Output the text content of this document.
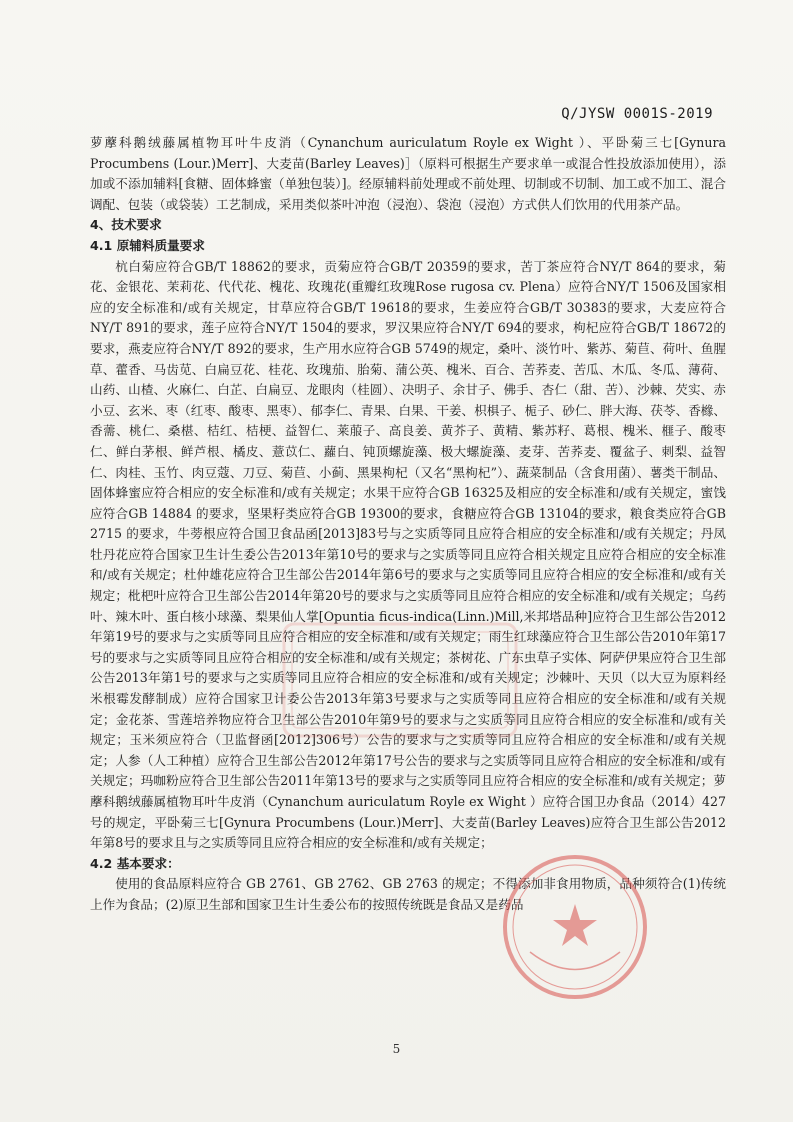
Q/JYSW 0001S-2019

萝藦科鹅绒藤属植物耳叶牛皮消（Cynanchum auriculatum Royle ex Wight ）、平卧菊三七[Gynura Procumbens (Lour.)Merr]、大麦苗(Barley Leaves)］（原料可根据生产要求单一或混合性投放添加使用），添加或不添加辅料[食糖、固体蜂蜜（单独包装）]。经原辅料前处理或不前处理、切制或不切制、加工或不加工、混合调配、包装（或袋装）工艺制成，采用类似茶叶冲泡（浸泡）、袋泡（浸泡）方式供人们饮用的代用茶产品。

4、技术要求

4.1 原辅料质量要求

杭白菊应符合GB/T 18862的要求，贡菊应符合GB/T 20359的要求，苦丁茶应符合NY/T 864的要求，菊花、金银花、茉莉花、代代花、槐花、玫瑰花(重瓣红玫瑰Rose rugosa cv. Plena）应符合NY/T 1506及国家相应的安全标准和/或有关规定，甘草应符合GB/T 19618的要求，生姜应符合GB/T 30383的要求，大麦应符合NY/T 891的要求，莲子应符合NY/T 1504的要求，罗汉果应符合NY/T 694的要求，枸杞应符合GB/T 18672的要求，燕麦应符合NY/T 892的要求，生产用水应符合GB 5749的规定，桑叶、淡竹叶、紫苏、菊苣、荷叶、鱼腥草、藿香、马齿苋、白扁豆花、桂花、玫瑰茄、胎菊、蒲公英、槐米、百合、苦荞麦、苦瓜、木瓜、冬瓜、薄荷、山药、山楂、火麻仁、白芷、白扁豆、龙眼肉（桂圆）、决明子、余甘子、佛手、杏仁（甜、苦）、沙棘、芡实、赤小豆、玄米、枣（红枣、酸枣、黑枣）、郁李仁、青果、白果、干姜、枳椇子、栀子、砂仁、胖大海、茯苓、香橼、香薷、桃仁、桑椹、桔红、桔梗、益智仁、莱菔子、高良姜、黄芥子、黄精、紫苏籽、葛根、槐米、榧子、酸枣仁、鲜白茅根、鲜芦根、橘皮、薏苡仁、蘿白、钝顶螺旋藻、极大螺旋藻、麦芽、苦荞麦、覆盆子、刺梨、益智仁、肉桂、玉竹、肉豆蔻、刀豆、菊苣、小蓟、黑果枸杞（又名“黑枸杞”）、蔬菜制品（含食用菌）、薯类干制品、固体蜂蜜应符合相应的安全标准和/或有关规定；水果干应符合GB 16325及相应的安全标准和/或有关规定，蜜饯应符合GB 14884 的要求，坚果籽类应符合GB 19300的要求，食糖应符合GB 13104的要求，粮食类应符合GB 2715 的要求，牛蒡根应符合国卫食品函[2013]83号与之实质等同且应符合相应的安全标准和/或有关规定；丹凤牡丹花应符合国家卫生计生委公告2013年第10号的要求与之实质等同且应符合相关规定且应符合相应的安全标准和/或有关规定；杜仲雄花应符合卫生部公告2014年第6号的要求与之实质等同且应符合相应的安全标准和/或有关规定；枇杷叶应符合卫生部公告2014年第20号的要求与之实质等同且应符合相应的安全标准和/或有关规定；乌药叶、辣木叶、蛋白核小球藻、梨果仙人掌[Opuntia ficus-indica(Linn.)Mill,米邦塔品种]应符合卫生部公告2012年第19号的要求与之实质等同且应符合相应的安全标准和/或有关规定；雨生红球藻应符合卫生部公告2010年第17号的要求与之实质等同且应符合相应的安全标准和/或有关规定；茶树花、广东虫草子实体、阿萨伊果应符合卫生部公告2013年第1号的要求与之实质等同且应符合相应的安全标准和/或有关规定；沙棘叶、天贝（以大豆为原料经米根霉发酵制成）应符合国家卫计委公告2013年第3号要求与之实质等同且应符合相应的安全标准和/或有关规定；金花茶、雪莲培养物应符合卫生部公告2010年第9号的要求与之实质等同且应符合相应的安全标准和/或有关规定；玉米须应符合（卫监督函[2012]306号）公告的要求与之实质等同且应符合相应的安全标准和/或有关规定；人参（人工种植）应符合卫生部公告2012年第17号公告的要求与之实质等同且应符合相应的安全标准和/或有关规定；玛咖粉应符合卫生部公告2011年第13号的要求与之实质等同且应符合相应的安全标准和/或有关规定；萝藦科鹅绒藤属植物耳叶牛皮消（Cynanchum auriculatum Royle ex Wight ）应符合国卫办食品（2014）427号的规定，平卧菊三七[Gynura Procumbens (Lour.)Merr]、大麦苗(Barley Leaves)应符合卫生部公告2012年第8号的要求且与之实质等同且应符合相应的安全标准和/或有关规定；

4.2 基本要求：

使用的食品原料应符合 GB 2761、GB 2762、GB 2763 的规定；不得添加非食用物质，品种须符合(1)传统上作为食品；(2)原卫生部和国家卫生计生委公布的按照传统既是食品又是药品

5
